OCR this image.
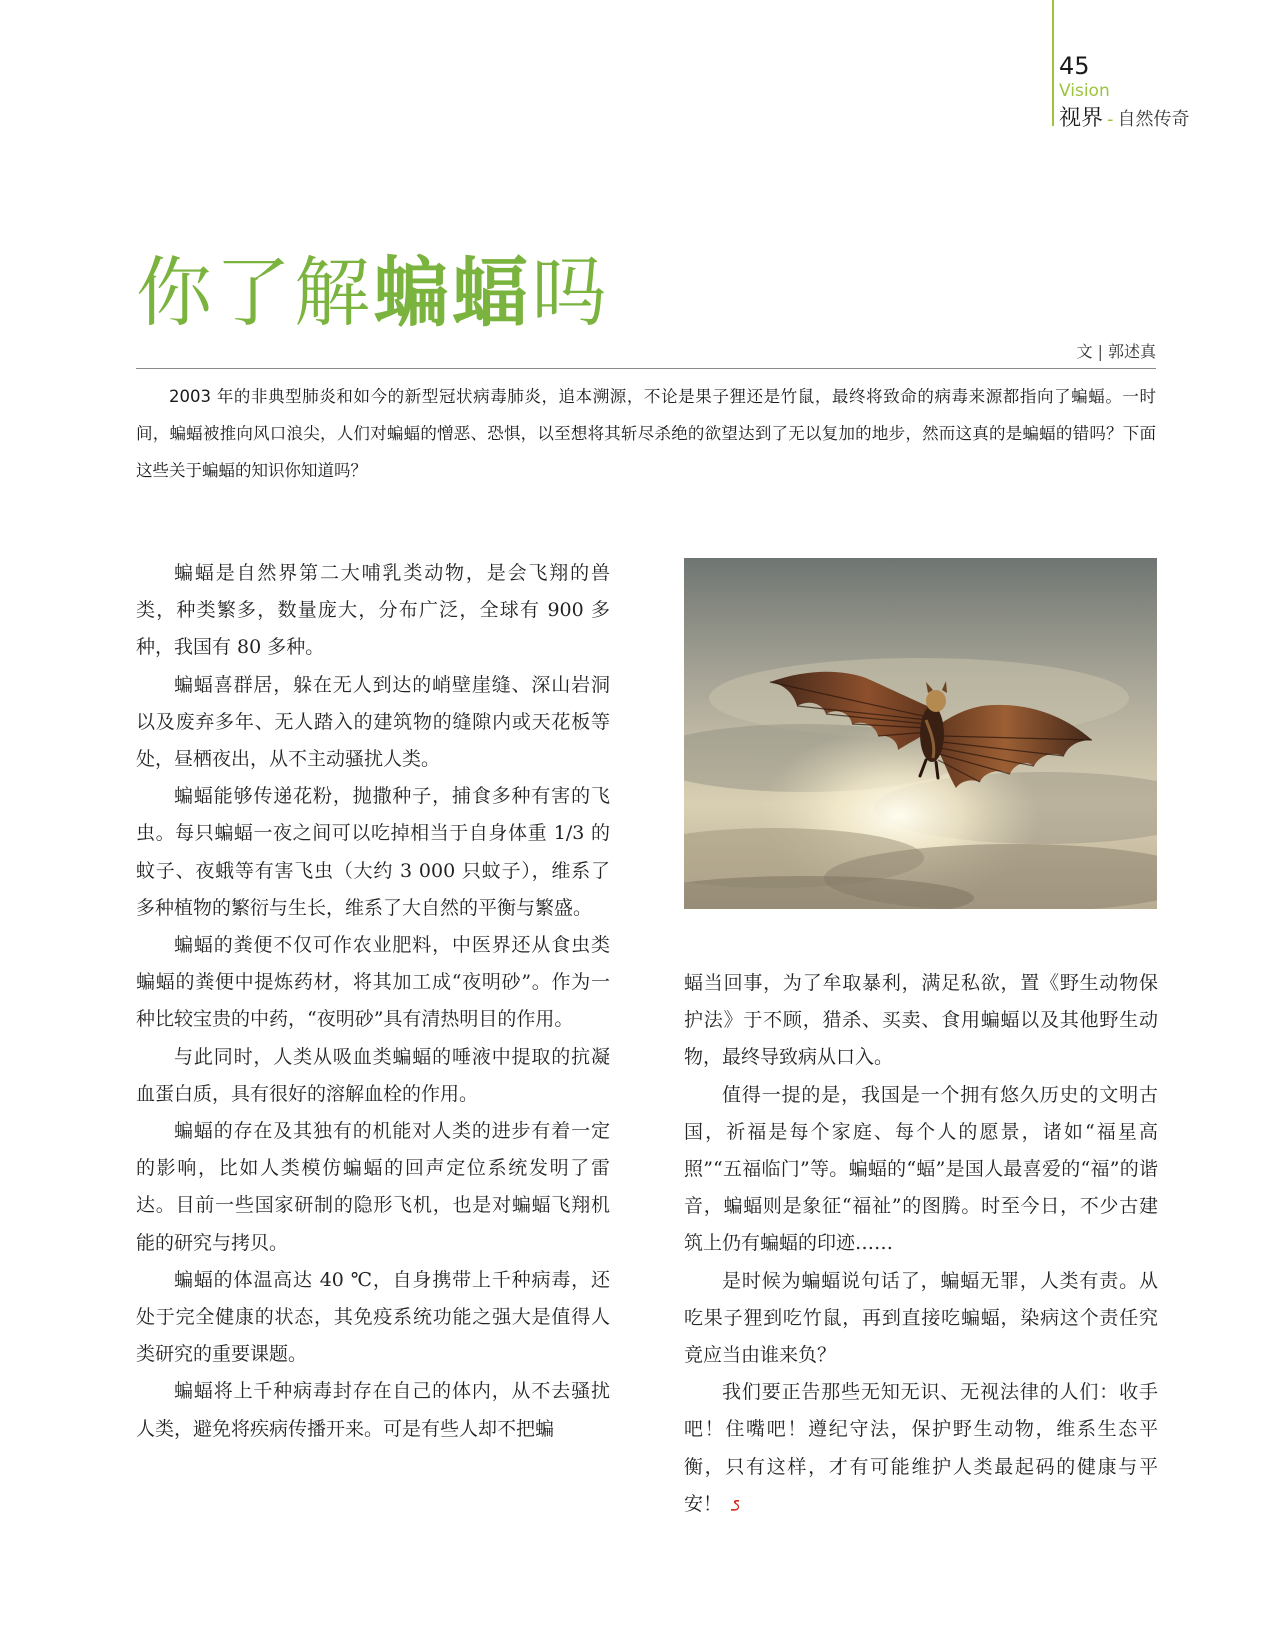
45
Vision
视界 - 自然传奇
你了解蝙蝠吗
文 | 郭述真

2003 年的非典型肺炎和如今的新型冠状病毒肺炎，追本溯源，不论是果子狸还是竹鼠，最终将致命的病毒来源都指向了蝙蝠。一时间，蝙蝠被推向风口浪尖，人们对蝙蝠的憎恶、恐惧，以至想将其斩尽杀绝的欲望达到了无以复加的地步，然而这真的是蝙蝠的错吗？下面这些关于蝙蝠的知识你知道吗？

蝙蝠是自然界第二大哺乳类动物，是会飞翔的兽类，种类繁多，数量庞大，分布广泛，全球有 900 多种，我国有 80 多种。

蝙蝠喜群居，躲在无人到达的峭壁崖缝、深山岩洞以及废弃多年、无人踏入的建筑物的缝隙内或天花板等处，昼栖夜出，从不主动骚扰人类。

蝙蝠能够传递花粉，抛撒种子，捕食多种有害的飞虫。每只蝙蝠一夜之间可以吃掉相当于自身体重 1/3 的蚊子、夜蛾等有害飞虫（大约 3 000 只蚊子），维系了多种植物的繁衍与生长，维系了大自然的平衡与繁盛。

蝙蝠的粪便不仅可作农业肥料，中医界还从食虫类蝙蝠的粪便中提炼药材，将其加工成“夜明砂”。作为一种比较宝贵的中药，“夜明砂”具有清热明目的作用。

与此同时，人类从吸血类蝙蝠的唾液中提取的抗凝血蛋白质，具有很好的溶解血栓的作用。

蝙蝠的存在及其独有的机能对人类的进步有着一定的影响，比如人类模仿蝙蝠的回声定位系统发明了雷达。目前一些国家研制的隐形飞机，也是对蝙蝠飞翔机能的研究与拷贝。

蝙蝠的体温高达 40 ℃，自身携带上千种病毒，还处于完全健康的状态，其免疫系统功能之强大是值得人类研究的重要课题。

蝙蝠将上千种病毒封存在自己的体内，从不去骚扰人类，避免将疾病传播开来。可是有些人却不把蝙

蝠当回事，为了牟取暴利，满足私欲，置《野生动物保护法》于不顾，猎杀、买卖、食用蝙蝠以及其他野生动物，最终导致病从口入。

值得一提的是，我国是一个拥有悠久历史的文明古国，祈福是每个家庭、每个人的愿景，诸如“福星高照”“五福临门”等。蝙蝠的“蝠”是国人最喜爱的“福”的谐音，蝙蝠则是象征“福祉”的图腾。时至今日，不少古建筑上仍有蝙蝠的印迹……

是时候为蝙蝠说句话了，蝙蝠无罪，人类有责。从吃果子狸到吃竹鼠，再到直接吃蝙蝠，染病这个责任究竟应当由谁来负？

我们要正告那些无知无识、无视法律的人们：收手吧！住嘴吧！遵纪守法，保护野生动物，维系生态平衡，只有这样，才有可能维护人类最起码的健康与平安！
